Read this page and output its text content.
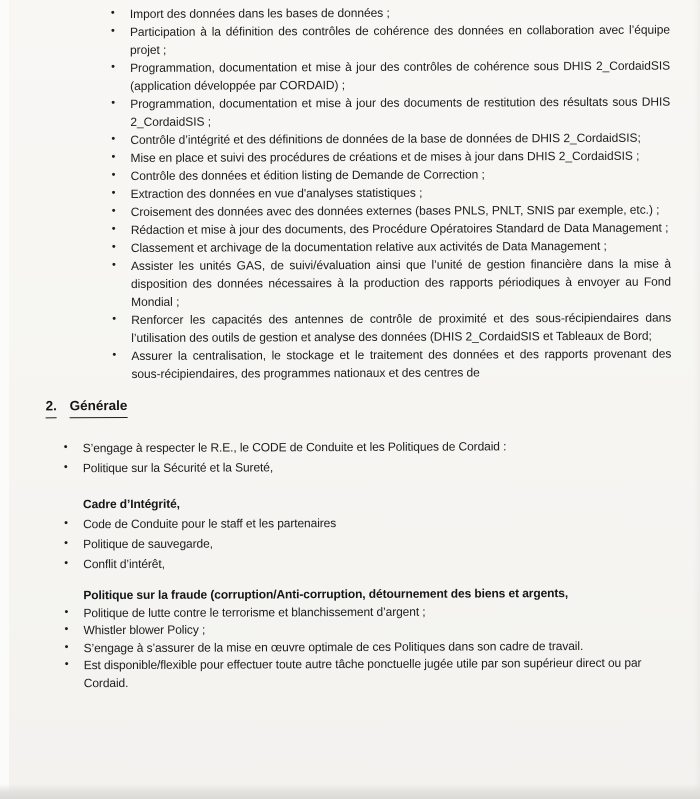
• Import des données dans les bases de données ;
• Participation à la définition des contrôles de cohérence des données en collaboration avec l’équipe projet ;
• Programmation, documentation et mise à jour des contrôles de cohérence sous DHIS 2_CordaidSIS (application développée par CORDAID) ;
• Programmation, documentation et mise à jour des documents de restitution des résultats sous DHIS 2_CordaidSIS ;
• Contrôle d’intégrité et des définitions de données de la base de données de DHIS 2_CordaidSIS;
• Mise en place et suivi des procédures de créations et de mises à jour dans DHIS 2_CordaidSIS ;
• Contrôle des données et édition listing de Demande de Correction ;
• Extraction des données en vue d'analyses statistiques ;
• Croisement des données avec des données externes (bases PNLS, PNLT, SNIS par exemple, etc.) ;
• Rédaction et mise à jour des documents, des Procédure Opératoires Standard de Data Management ;
• Classement et archivage de la documentation relative aux activités de Data Management ;
• Assister les unités GAS, de suivi/évaluation ainsi que l’unité de gestion financière dans la mise à disposition des données nécessaires à la production des rapports périodiques à envoyer au Fond Mondial ;
• Renforcer les capacités des antennes de contrôle de proximité et des sous-récipiendaires dans l’utilisation des outils de gestion et analyse des données (DHIS 2_CordaidSIS et Tableaux de Bord;
• Assurer la centralisation, le stockage et le traitement des données et des rapports provenant des sous-récipiendaires, des programmes nationaux et des centres de
2. Générale
• S’engage à respecter le R.E., le CODE de Conduite et les Politiques de Cordaid :
• Politique sur la Sécurité et la Sureté,
Cadre d’Intégrité,
• Code de Conduite pour le staff et les partenaires
• Politique de sauvegarde,
• Conflit d’intérêt,
Politique sur la fraude (corruption/Anti-corruption, détournement des biens et argents,
• Politique de lutte contre le terrorisme et blanchissement d’argent ;
• Whistler blower Policy ;
• S’engage à s’assurer de la mise en œuvre optimale de ces Politiques dans son cadre de travail.
• Est disponible/flexible pour effectuer toute autre tâche ponctuelle jugée utile par son supérieur direct ou par Cordaid.
